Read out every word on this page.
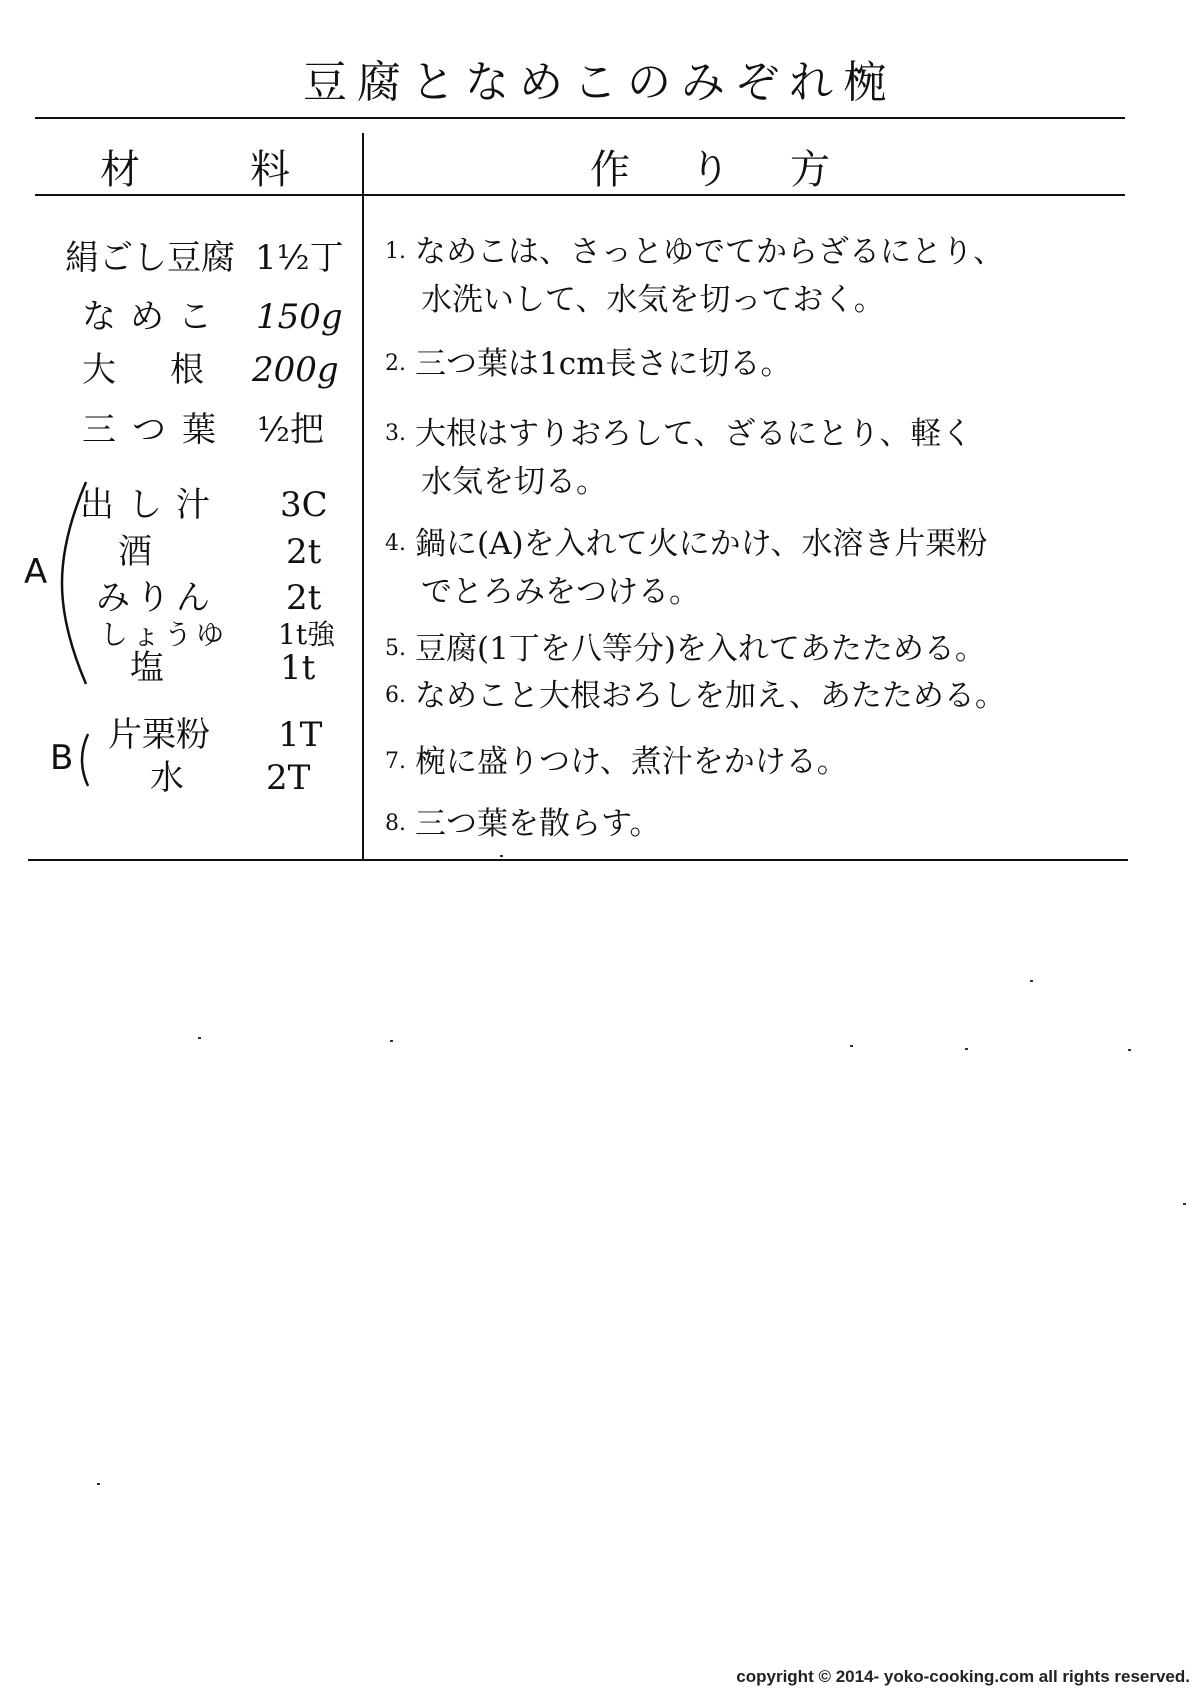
豆腐となめこのみぞれ椀
材	料	作り方
絹ごし豆腐 1½丁
なめこ 150g
大　根 200g
三つ葉 ½把
A
出し汁 3C
酒	2t
みりん 2t
しょうゆ 1t強
塩	1t
B
片栗粉 1T
水 2T
1. なめこは、さっとゆでてからざるにとり、
水洗いして、水気を切っておく。
2. 三つ葉は1cm長さに切る。
3. 大根はすりおろして、ざるにとり、軽く
水気を切る。
4. 鍋に(A)を入れて火にかけ、水溶き片栗粉
でとろみをつける。
5. 豆腐(1丁を八等分)を入れてあたためる。
6. なめこと大根おろしを加え、あたためる。
7. 椀に盛りつけ、煮汁をかける。
8. 三つ葉を散らす。
copyright © 2014- yoko-cooking.com all rights reserved.
